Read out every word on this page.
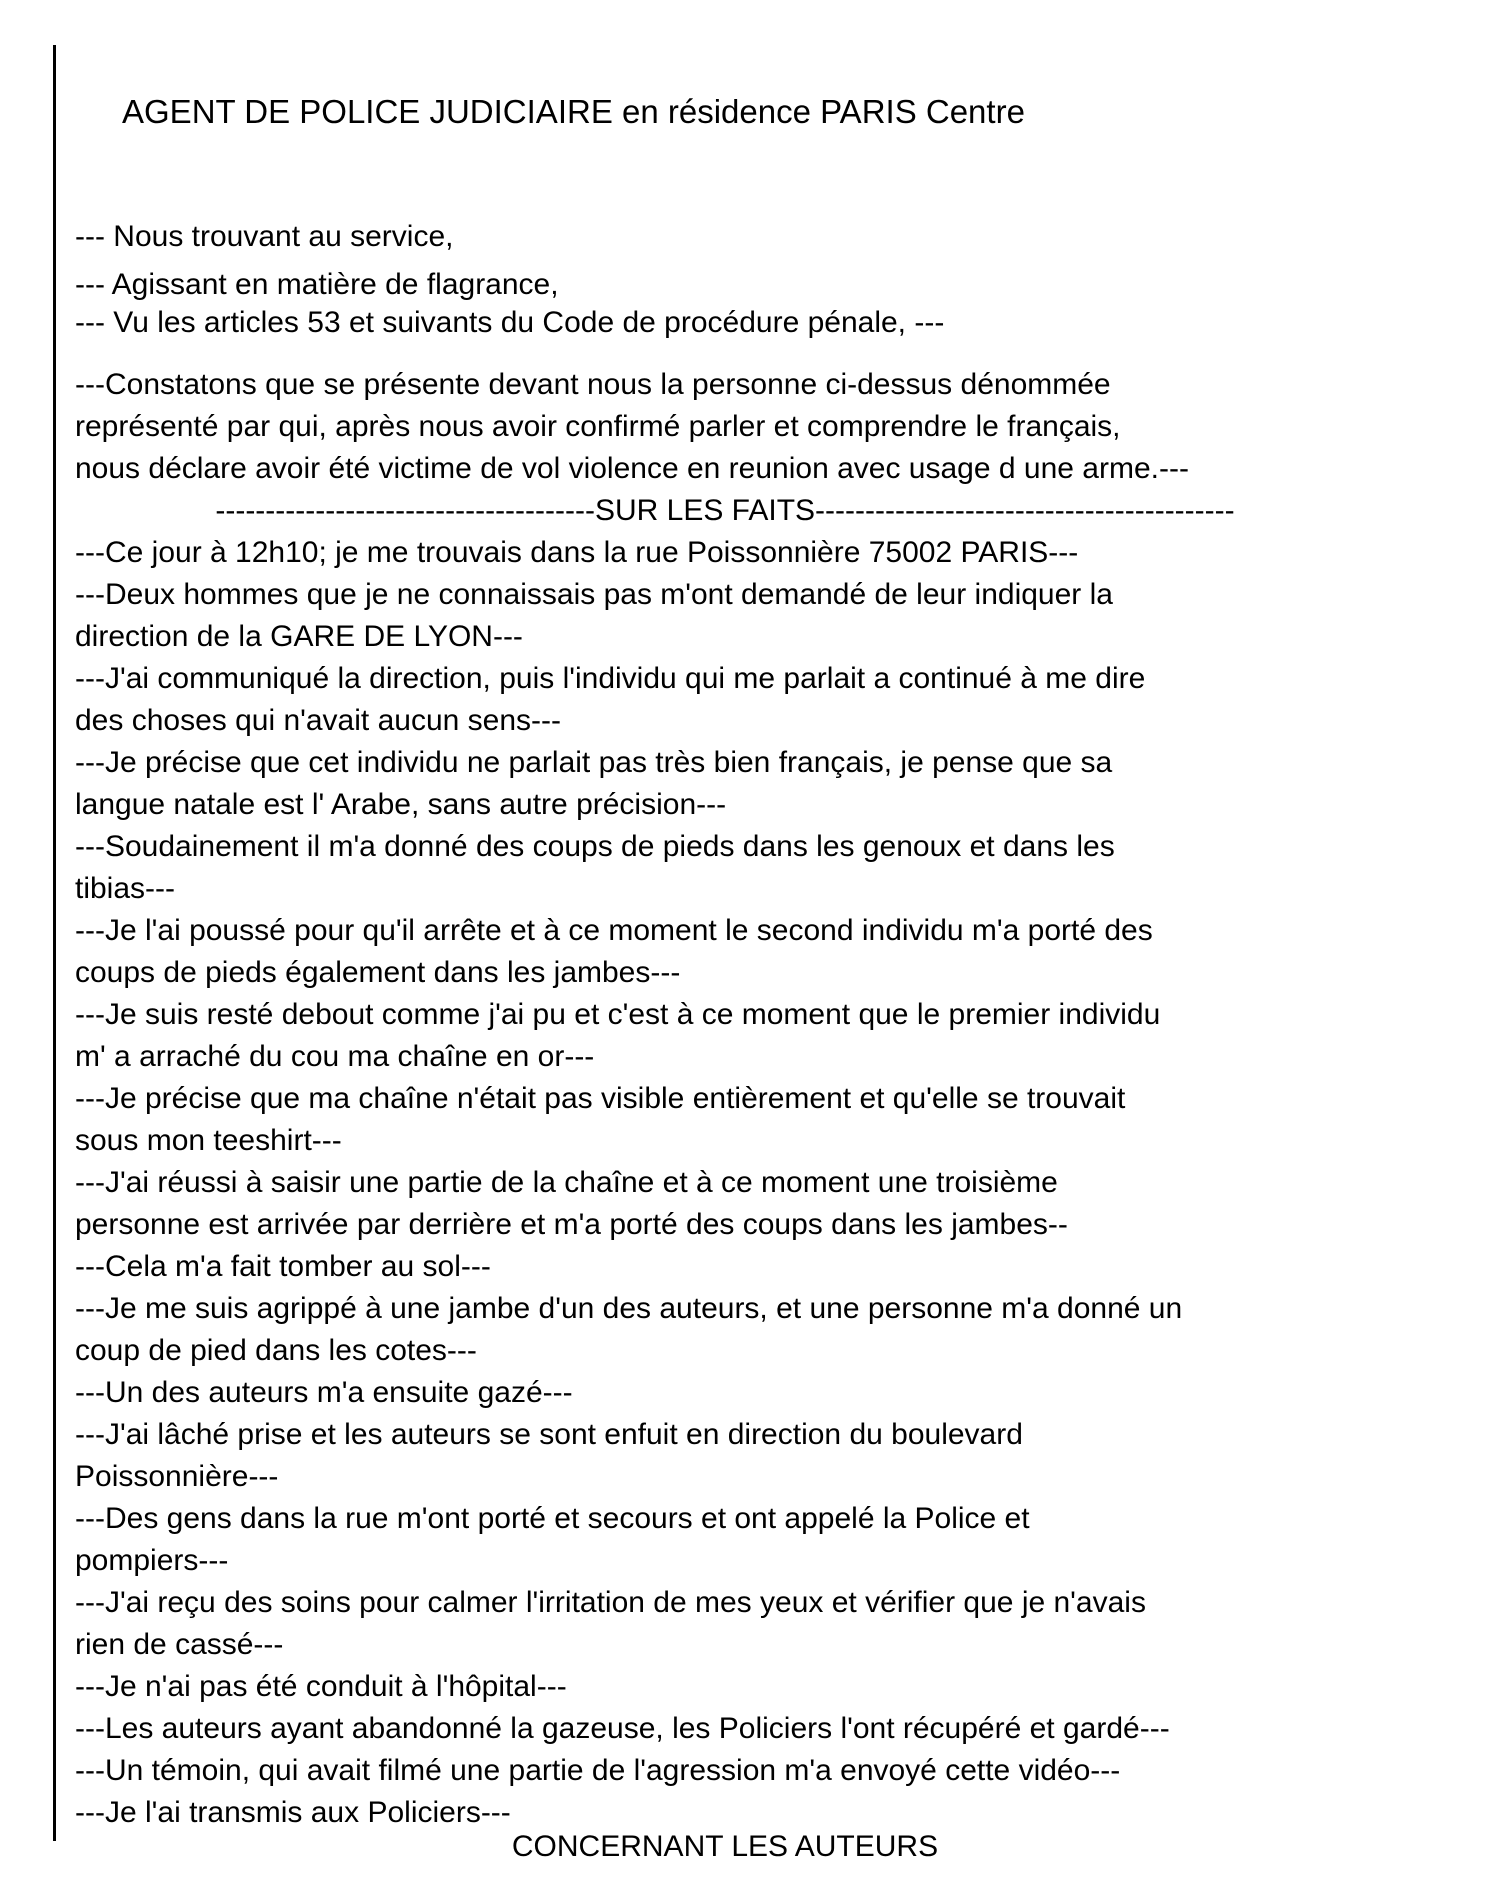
AGENT DE POLICE JUDICIAIRE en résidence PARIS Centre
--- Nous trouvant au service,
--- Agissant en matière de flagrance,
--- Vu les articles 53 et suivants du Code de procédure pénale, ---
---Constatons que se présente devant nous la personne ci-dessus dénommée
représenté par qui, après nous avoir confirmé parler et comprendre le français,
nous déclare avoir été victime de vol violence en reunion avec usage d une arme.---
--------------------------------------SUR LES FAITS------------------------------------------
---Ce jour à 12h10; je me trouvais dans la rue Poissonnière 75002 PARIS---
---Deux hommes que je ne connaissais pas m'ont demandé de leur indiquer la
direction de la GARE DE LYON---
---J'ai communiqué la direction, puis l'individu qui me parlait a continué à me dire
des choses qui n'avait aucun sens---
---Je précise que cet individu ne parlait pas très bien français, je pense que sa
langue natale est l' Arabe, sans autre précision---
---Soudainement il m'a donné des coups de pieds dans les genoux et dans les
tibias---
---Je l'ai poussé pour qu'il arrête et à ce moment le second individu m'a porté des
coups de pieds également dans les jambes---
---Je suis resté debout comme j'ai pu et c'est à ce moment que le premier individu
m' a arraché du cou ma chaîne en or---
---Je précise que ma chaîne n'était pas visible entièrement et qu'elle se trouvait
sous mon teeshirt---
---J'ai réussi à saisir une partie de la chaîne et à ce moment une troisième
personne est arrivée par derrière et m'a porté des coups dans les jambes--
---Cela m'a fait tomber au sol---
---Je me suis agrippé à une jambe d'un des auteurs, et une personne m'a donné un
coup de pied dans les cotes---
---Un des auteurs m'a ensuite gazé---
---J'ai lâché prise et les auteurs se sont enfuit en direction du boulevard
Poissonnière---
---Des gens dans la rue m'ont porté et secours et ont appelé la Police et
pompiers---
---J'ai reçu des soins pour calmer l'irritation de mes yeux et vérifier que je n'avais
rien de cassé---
---Je n'ai pas été conduit à l'hôpital---
---Les auteurs ayant abandonné la gazeuse, les Policiers l'ont récupéré et gardé---
---Un témoin, qui avait filmé une partie de l'agression m'a envoyé cette vidéo---
---Je l'ai transmis aux Policiers---
CONCERNANT LES AUTEURS
